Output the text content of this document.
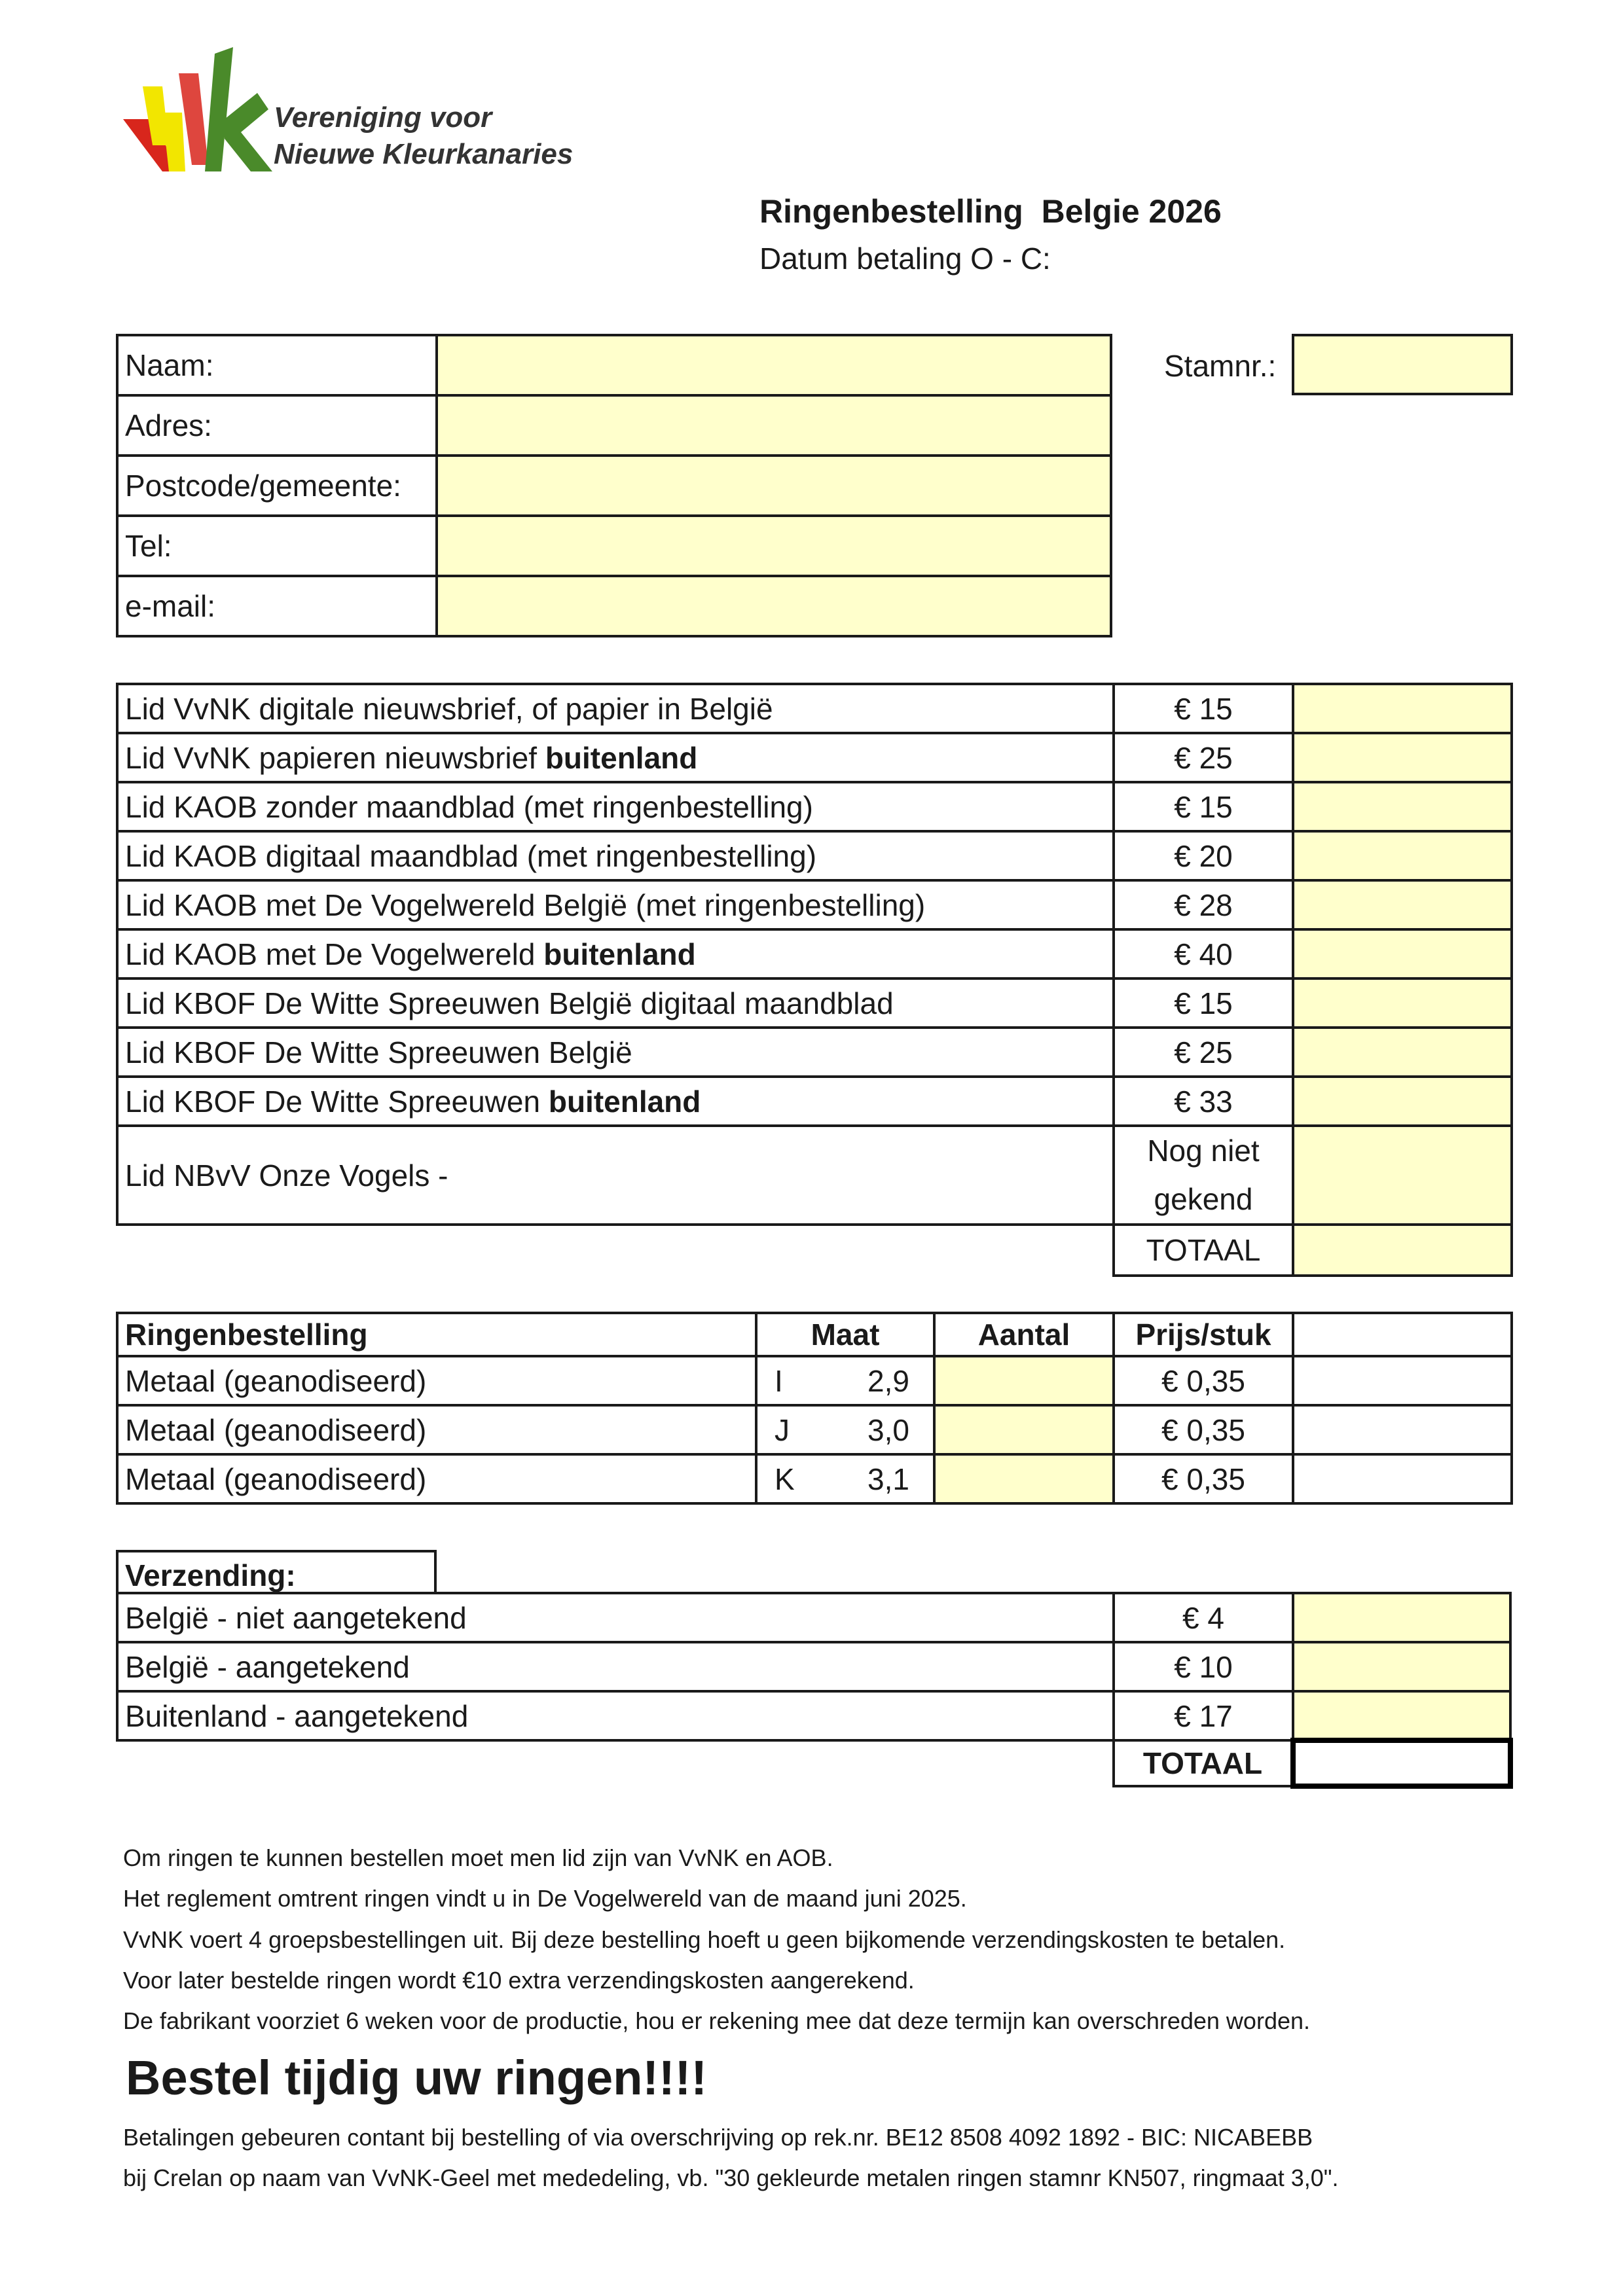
Vereniging voor
Nieuwe Kleurkanaries
Ringenbestelling  Belgie 2026
Datum betaling O - C:
Naam:	
Adres:	
Postcode/gemeente:	
Tel:	
e-mail:	
Stamnr.:
Lid VvNK digitale nieuwsbrief, of papier in België	€ 15	
Lid VvNK papieren nieuwsbrief buitenland	€ 25	
Lid KAOB zonder maandblad (met ringenbestelling)	€ 15	
Lid KAOB digitaal maandblad (met ringenbestelling)	€ 20	
Lid KAOB met De Vogelwereld België (met ringenbestelling)	€ 28	
Lid KAOB met De Vogelwereld buitenland	€ 40	
Lid KBOF De Witte Spreeuwen België digitaal maandblad	€ 15	
Lid KBOF De Witte Spreeuwen België	€ 25	
Lid KBOF De Witte Spreeuwen buitenland	€ 33	
Lid NBvV Onze Vogels -	Nog niet
gekend	

	TOTAAL	
Ringenbestelling	Maat		Aantal	Prijs/stuk	
Metaal (geanodiseerd)	I	2,9		€ 0,35	
Metaal (geanodiseerd)	J	3,0		€ 0,35	
Metaal (geanodiseerd)	K	3,1		€ 0,35	
Verzending:
België - niet aangetekend	€ 4	
België - aangetekend	€ 10	
Buitenland - aangetekend	€ 17	
	TOTAAL	
Om ringen te kunnen bestellen moet men lid zijn van VvNK en AOB.
Het reglement omtrent ringen vindt u in De Vogelwereld van de maand juni 2025.
VvNK voert 4 groepsbestellingen uit. Bij deze bestelling hoeft u geen bijkomende verzendingskosten te betalen.
Voor later bestelde ringen wordt €10 extra verzendingskosten aangerekend.
De fabrikant voorziet 6 weken voor de productie, hou er rekening mee dat deze termijn kan overschreden worden.
Bestel tijdig uw ringen!!!!
Betalingen gebeuren contant bij bestelling of via overschrijving op rek.nr. BE12 8508 4092 1892 - BIC: NICABEBB
bij Crelan op naam van VvNK-Geel met mededeling, vb. "30 gekleurde metalen ringen stamnr KN507, ringmaat 3,0".
